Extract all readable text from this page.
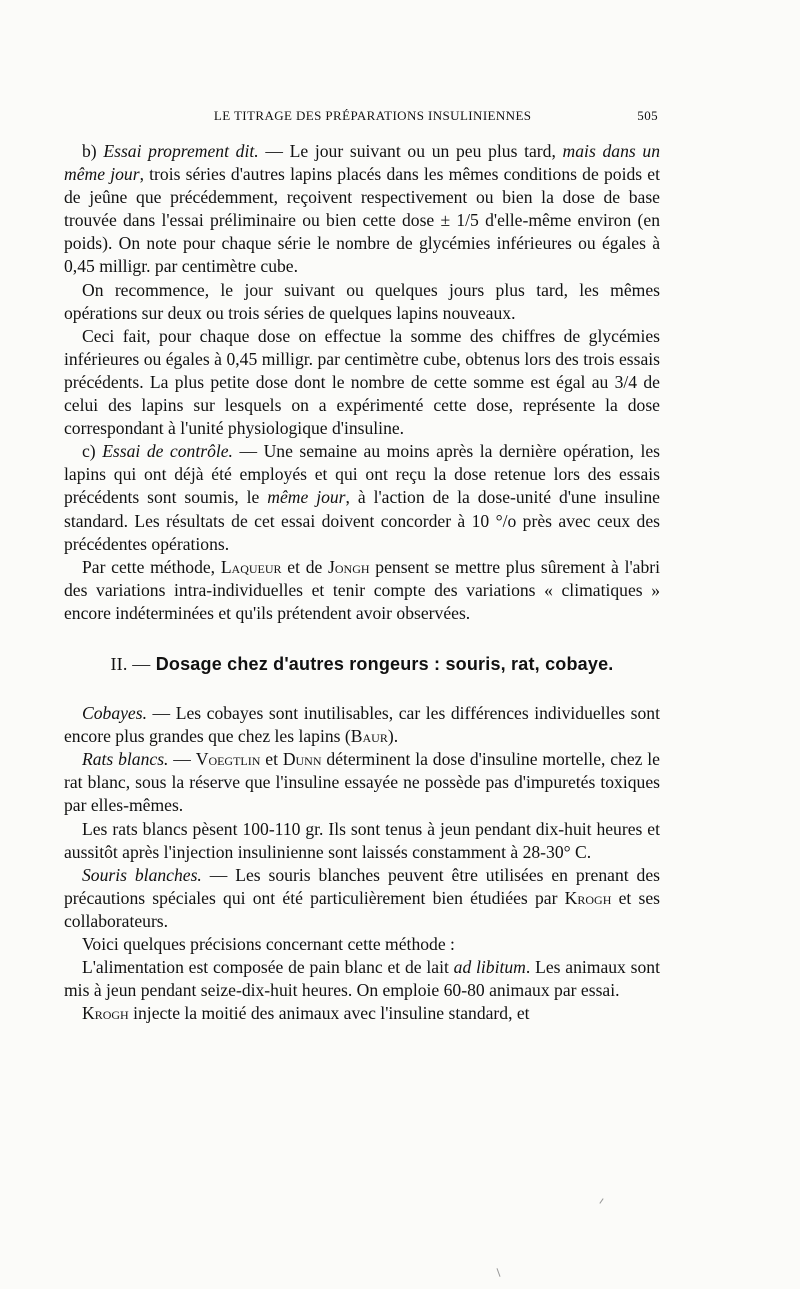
LE TITRAGE DES PRÉPARATIONS INSULINIENNES	505

b) Essai proprement dit. — Le jour suivant ou un peu plus tard, mais dans un même jour, trois séries d'autres lapins placés dans les mêmes conditions de poids et de jeûne que précédemment, reçoivent respectivement ou bien la dose de base trouvée dans l'essai préliminaire ou bien cette dose ± 1/5 d'elle-même environ (en poids). On note pour chaque série le nombre de glycémies inférieures ou égales à 0,45 milligr. par centimètre cube.

On recommence, le jour suivant ou quelques jours plus tard, les mêmes opérations sur deux ou trois séries de quelques lapins nouveaux.

Ceci fait, pour chaque dose on effectue la somme des chiffres de glycémies inférieures ou égales à 0,45 milligr. par centimètre cube, obtenus lors des trois essais précédents. La plus petite dose dont le nombre de cette somme est égal au 3/4 de celui des lapins sur lesquels on a expérimenté cette dose, représente la dose correspondant à l'unité physiologique d'insuline.

c) Essai de contrôle. — Une semaine au moins après la dernière opération, les lapins qui ont déjà été employés et qui ont reçu la dose retenue lors des essais précédents sont soumis, le même jour, à l'action de la dose-unité d'une insuline standard. Les résultats de cet essai doivent concorder à 10 °/o près avec ceux des précédentes opérations.

Par cette méthode, Laqueur et de Jongh pensent se mettre plus sûrement à l'abri des variations intra-individuelles et tenir compte des variations « climatiques » encore indéterminées et qu'ils prétendent avoir observées.

II. — Dosage chez d'autres rongeurs : souris, rat, cobaye.

Cobayes. — Les cobayes sont inutilisables, car les différences individuelles sont encore plus grandes que chez les lapins (Baur).

Rats blancs. — Voegtlin et Dunn déterminent la dose d'insuline mortelle, chez le rat blanc, sous la réserve que l'insuline essayée ne possède pas d'impuretés toxiques par elles-mêmes.

Les rats blancs pèsent 100-110 gr. Ils sont tenus à jeun pendant dix-huit heures et aussitôt après l'injection insulinienne sont laissés constamment à 28-30° C.

Souris blanches. — Les souris blanches peuvent être utilisées en prenant des précautions spéciales qui ont été particulièrement bien étudiées par Krogh et ses collaborateurs.

Voici quelques précisions concernant cette méthode :

L'alimentation est composée de pain blanc et de lait ad libitum. Les animaux sont mis à jeun pendant seize-dix-huit heures. On emploie 60-80 animaux par essai.

Krogh injecte la moitié des animaux avec l'insuline standard, et
